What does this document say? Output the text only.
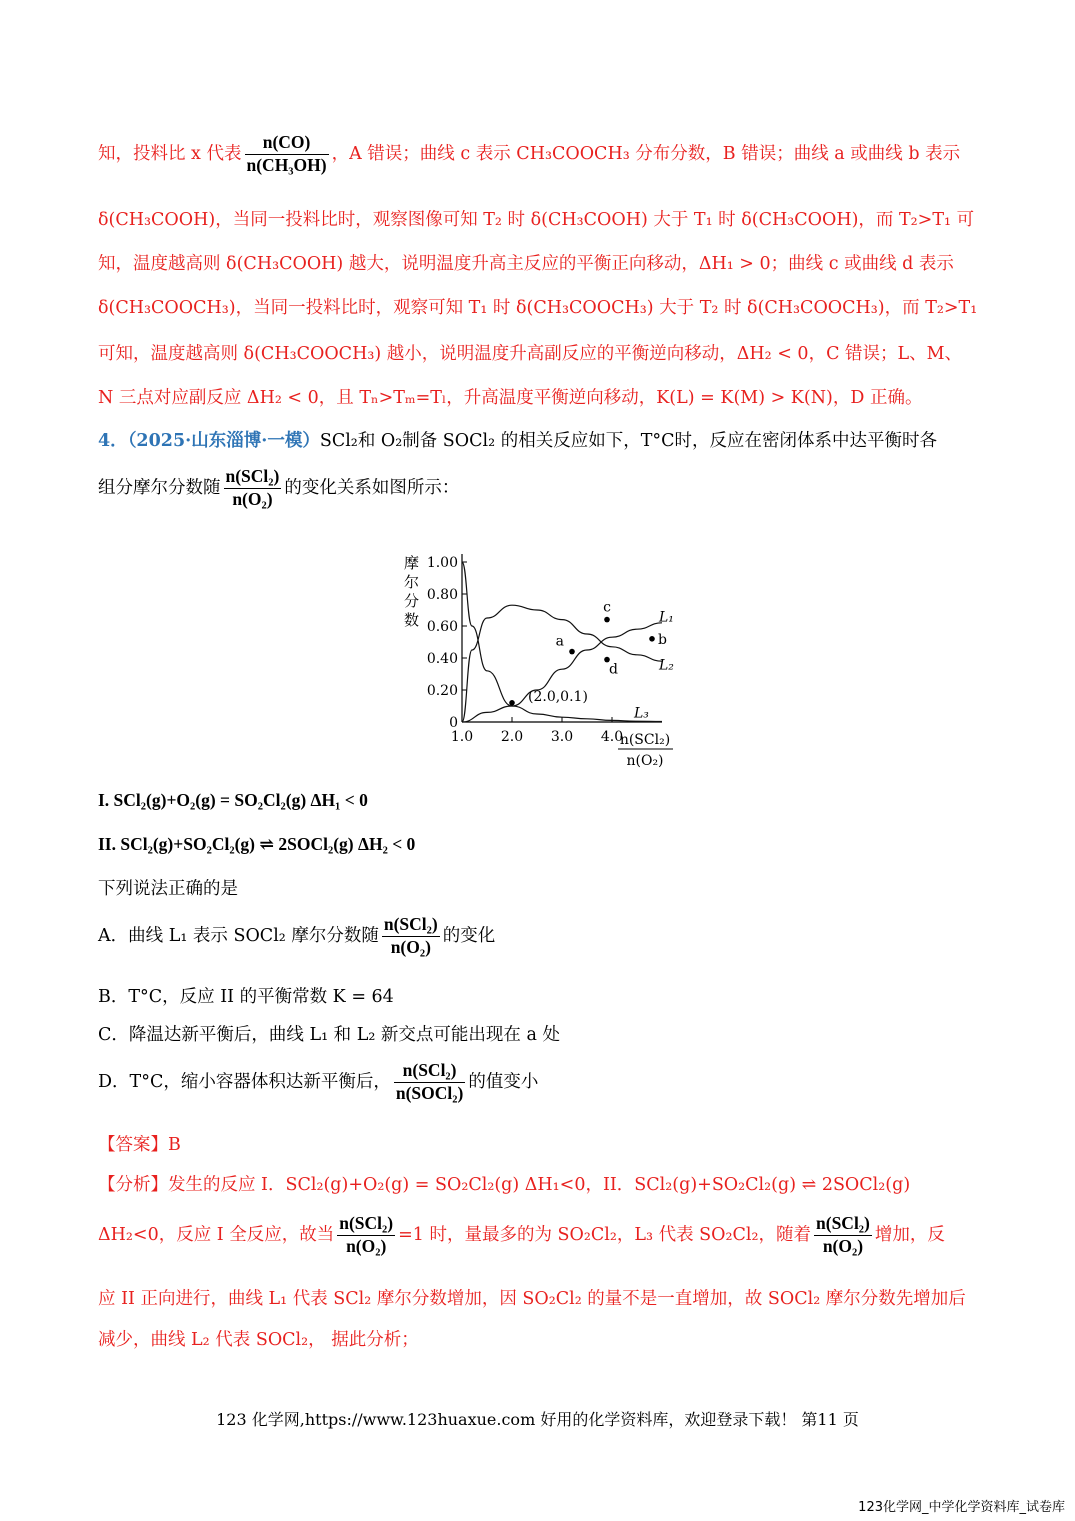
知，投料比 x 代表 $\frac{n(CO)}{\text{n(CH₃OH)}}$ ，A 错误；曲线 c 表示 CH₃COOCH₃ 分布分数，B 错误；曲线 a 或曲线 b 表示
δ(CH₃COOH)，当同一投料比时，观察图像可知 T₂ 时 δ(CH₃COOH) 大于 T₁ 时 δ(CH₃COOH)，而 T₂>T₁ 可
知，温度越高则 δ(CH₃COOH) 越大，说明温度升高主反应的平衡正向移动，ΔH₁ > 0；曲线 c 或曲线 d 表示
δ(CH₃COOCH₃)，当同一投料比时，观察可知 T₁ 时 δ(CH₃COOCH₃) 大于 T₂ 时 δ(CH₃COOCH₃)，而 T₂>T₁
可知，温度越高则 δ(CH₃COOCH₃) 越小，说明温度升高副反应的平衡逆向移动，ΔH₂ < 0，C 错误；L、M、
N 三点对应副反应 ΔH₂ < 0，且 Tₙ>Tₘ=Tₗ，升高温度平衡逆向移动，K(L) = K(M) > K(N)，D 正确。
4．（2025·山东淄博·一模）SCl₂和 O₂制备 SOCl₂ 的相关反应如下，T°C时，反应在密闭体系中达平衡时各
组分摩尔分数随 $\frac{\text{n(SCl₂)}}{\text{n(O₂)}}$ 的变化关系如图所示：
1.00
0.80
0.60
0.40
0.20
0
1.0 2.0 3.0 4.0
L₁
L₂
L₃
a	b
c
d
(2.0,0.1)
n(SCl₂)
n(O₂)
摩
尔
分
数
I. SCl₂(g)+O₂(g) = SO₂Cl₂(g) ΔH₁ < 0
II. SCl₂(g)+SO₂Cl₂(g) ⇌ 2SOCl₂(g) ΔH₂ < 0
下列说法正确的是
A．曲线 L₁ 表示 SOCl₂ 摩尔分数随 $\frac{\text{n(SCl₂)}}{\text{n(O₂)}}$ 的变化
B．T°C，反应 II 的平衡常数 K = 64
C．降温达新平衡后，曲线 L₁ 和 L₂ 新交点可能出现在 a 处
D．T°C，缩小容器体积达新平衡后， $\frac{\text{n(SCl₂)}}{\text{n(SOCl₂)}}$ 的值变小
【答案】B
【分析】发生的反应 I．SCl₂(g)+O₂(g) = SO₂Cl₂(g) ΔH₁<0，II．SCl₂(g)+SO₂Cl₂(g) ⇌ 2SOCl₂(g)
ΔH₂<0，反应 I 全反应，故当 $\frac{\text{n(SCl₂)}}{\text{n(O₂)}} =1$ 时，量最多的为 SO₂Cl₂，L₃ 代表 SO₂Cl₂，随着 $\frac{\text{n(SCl₂)}}{\text{n(O₂)}}$ 增加，反
应 II 正向进行，曲线 L₁ 代表 SCl₂ 摩尔分数增加，因 SO₂Cl₂ 的量不是一直增加，故 SOCl₂ 摩尔分数先增加后
减少，曲线 L₂ 代表 SOCl₂， 据此分析；
123 化学网,https://www.123huaxue.com 好用的化学资料库，欢迎登录下载！ 第11 页
123化学网_中学化学资料库_试卷库
